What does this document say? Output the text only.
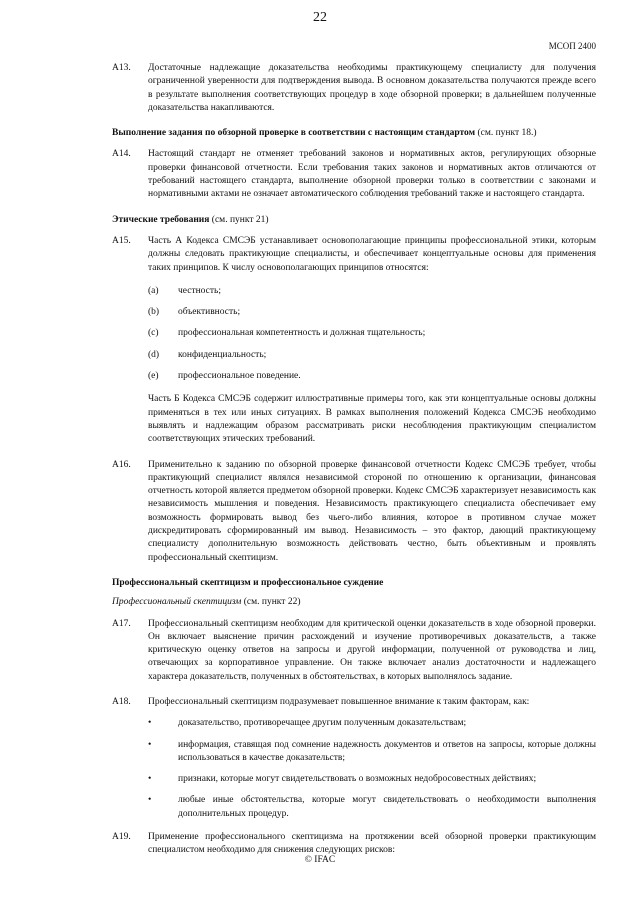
22
МСОП 2400
A13. Достаточные надлежащие доказательства необходимы практикующему специалисту для получения ограниченной уверенности для подтверждения вывода. В основном доказательства получаются прежде всего в результате выполнения соответствующих процедур в ходе обзорной проверки; в дальнейшем полученные доказательства накапливаются.
Выполнение задания по обзорной проверке в соответствии с настоящим стандартом (см. пункт 18.)
A14. Настоящий стандарт не отменяет требований законов и нормативных актов, регулирующих обзорные проверки финансовой отчетности. Если требования таких законов и нормативных актов отличаются от требований настоящего стандарта, выполнение обзорной проверки только в соответствии с законами и нормативными актами не означает автоматического соблюдения требований также и настоящего стандарта.
Этические требования (см. пункт 21)
A15. Часть А Кодекса СМСЭБ устанавливает основополагающие принципы профессиональной этики, которым должны следовать практикующие специалисты, и обеспечивает концептуальные основы для применения таких принципов. К числу основополагающих принципов относятся:
(a) честность;
(b) объективность;
(c) профессиональная компетентность и должная тщательность;
(d) конфиденциальность;
(e) профессиональное поведение.
Часть Б Кодекса СМСЭБ содержит иллюстративные примеры того, как эти концептуальные основы должны применяться в тех или иных ситуациях. В рамках выполнения положений Кодекса СМСЭБ необходимо выявлять и надлежащим образом рассматривать риски несоблюдения практикующим специалистом соответствующих этических требований.
A16. Применительно к заданию по обзорной проверке финансовой отчетности Кодекс СМСЭБ требует, чтобы практикующий специалист являлся независимой стороной по отношению к организации, финансовая отчетность которой является предметом обзорной проверки. Кодекс СМСЭБ характеризует независимость как независимость мышления и поведения. Независимость практикующего специалиста обеспечивает ему возможность формировать вывод без чьего-либо влияния, которое в противном случае может дискредитировать сформированный им вывод. Независимость – это фактор, дающий практикующему специалисту дополнительную возможность действовать честно, быть объективным и проявлять профессиональный скептицизм.
Профессиональный скептицизм и профессиональное суждение
Профессиональный скептицизм (см. пункт 22)
A17. Профессиональный скептицизм необходим для критической оценки доказательств в ходе обзорной проверки. Он включает выяснение причин расхождений и изучение противоречивых доказательств, а также критическую оценку ответов на запросы и другой информации, полученной от руководства и лиц, отвечающих за корпоративное управление. Он также включает анализ достаточности и надлежащего характера доказательств, полученных в обстоятельствах, в которых выполнялось задание.
A18. Профессиональный скептицизм подразумевает повышенное внимание к таким факторам, как:
•	доказательство, противоречащее другим полученным доказательствам;
•	информация, ставящая под сомнение надежность документов и ответов на запросы, которые должны использоваться в качестве доказательств;
•	признаки, которые могут свидетельствовать о возможных недобросовестных действиях;
•	любые иные обстоятельства, которые могут свидетельствовать о необходимости выполнения дополнительных процедур.
A19. Применение профессионального скептицизма на протяжении всей обзорной проверки практикующим специалистом необходимо для снижения следующих рисков:
© IFAC
